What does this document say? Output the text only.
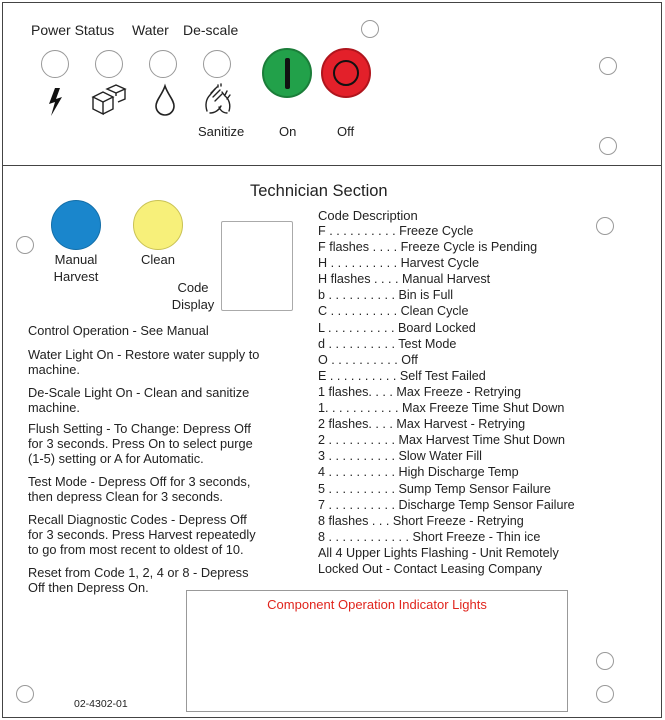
Power Status Water De-scale
Sanitize	On	Off
Technician Section
Manual
Harvest
Clean
Code
Display
Code Description
F . . . . . . . . . . Freeze Cycle
F flashes . . . . Freeze Cycle is Pending
H . . . . . . . . . . Harvest Cycle
H flashes . . . . Manual Harvest
b . . . . . . . . . . Bin is Full
C . . . . . . . . . . Clean Cycle
L . . . . . . . . . . Board Locked
d . . . . . . . . . . Test Mode
O . . . . . . . . . . Off
E . . . . . . . . . . Self Test Failed
1 flashes. . . . Max Freeze - Retrying
1. . . . . . . . . . . Max Freeze Time Shut Down
2 flashes. . . . Max Harvest - Retrying
2 . . . . . . . . . . Max Harvest Time Shut Down
3 . . . . . . . . . . Slow Water Fill
4 . . . . . . . . . . High Discharge Temp
5 . . . . . . . . . . Sump Temp Sensor Failure
7 . . . . . . . . . . Discharge Temp Sensor Failure
8 flashes . . . Short Freeze - Retrying
8 . . . . . . . . . . . . Short Freeze - Thin ice
All 4 Upper Lights Flashing - Unit Remotely
Locked Out - Contact Leasing Company
Control Operation - See Manual
Water Light On - Restore water supply to
machine.
De-Scale Light On - Clean and sanitize
machine.
Flush Setting - To Change: Depress Off
for 3 seconds. Press On to select purge
(1-5) setting or A for Automatic.
Test Mode - Depress Off for 3 seconds,
then depress Clean for 3 seconds.
Recall Diagnostic Codes - Depress Off
for 3 seconds. Press Harvest repeatedly
to go from most recent to oldest of 10.
Reset from Code 1, 2, 4 or 8 - Depress
Off then Depress On.
Component Operation Indicator Lights
02-4302-01
